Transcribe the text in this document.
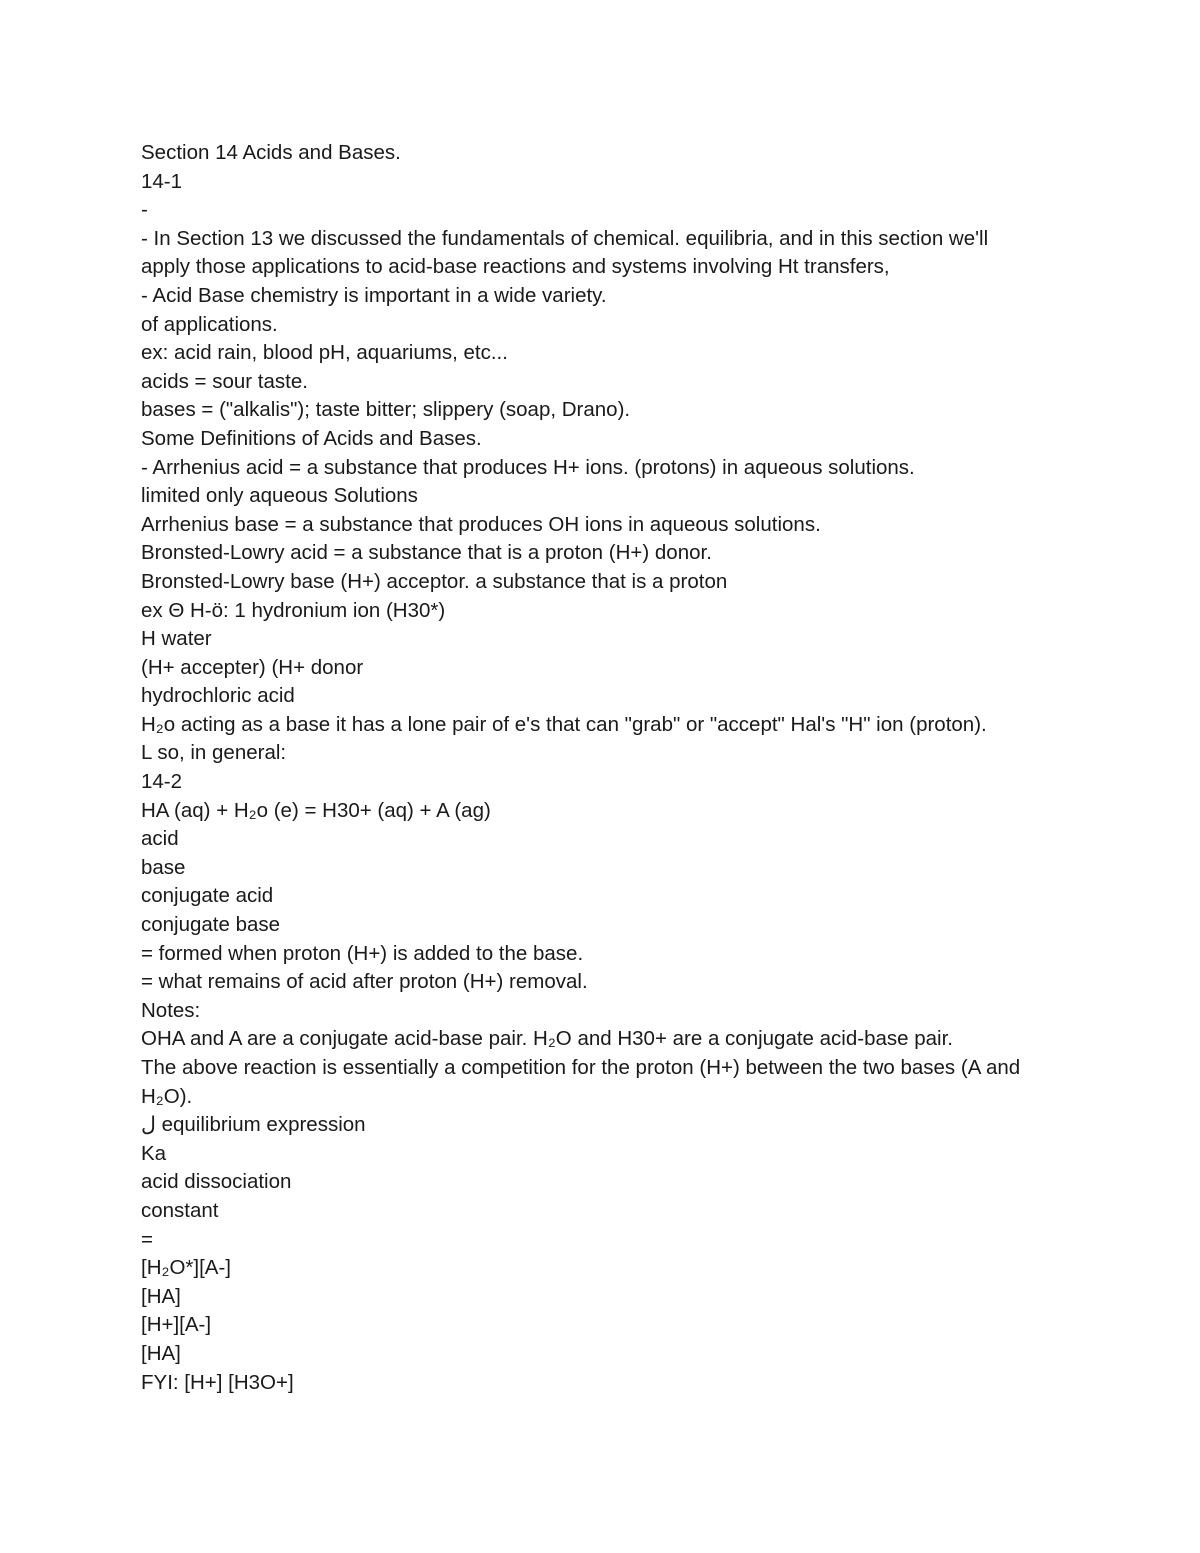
Section 14 Acids and Bases.

14-1

-

- In Section 13 we discussed the fundamentals of chemical. equilibria, and in this section we'll apply those applications to acid-base reactions and systems involving Ht transfers,

- Acid Base chemistry is important in a wide variety.

of applications.

ex: acid rain, blood pH, aquariums, etc...

acids = sour taste.

bases = ("alkalis"); taste bitter; slippery (soap, Drano).

Some Definitions of Acids and Bases.

- Arrhenius acid = a substance that produces H+ ions. (protons) in aqueous solutions.

limited only aqueous Solutions

Arrhenius base = a substance that produces OH ions in aqueous solutions.

Bronsted-Lowry acid = a substance that is a proton (H+) donor.

Bronsted-Lowry base (H+) acceptor. a substance that is a proton

ex Θ H-ö: 1 hydronium ion (H30*)

H water

(H+ accepter) (H+ donor

hydrochloric acid

H₂o acting as a base it has a lone pair of e's that can "grab" or "accept" Hal's "H" ion (proton).

L so, in general:

14-2

HA (aq) + H₂o (e) = H30+ (aq) + A (ag)

acid

base

conjugate acid

conjugate base

= formed when proton (H+) is added to the base.

= what remains of acid after proton (H+) removal.

Notes:

OHA and A are a conjugate acid-base pair. H₂O and H30+ are a conjugate acid-base pair.

The above reaction is essentially a competition for the proton (H+) between the two bases (A and H₂O).

ل equilibrium expression

Ka

acid dissociation

constant

=

[H₂O*][A-]

[HA]

[H+][A-]

[HA]

FYI: [H+] [H3O+]
